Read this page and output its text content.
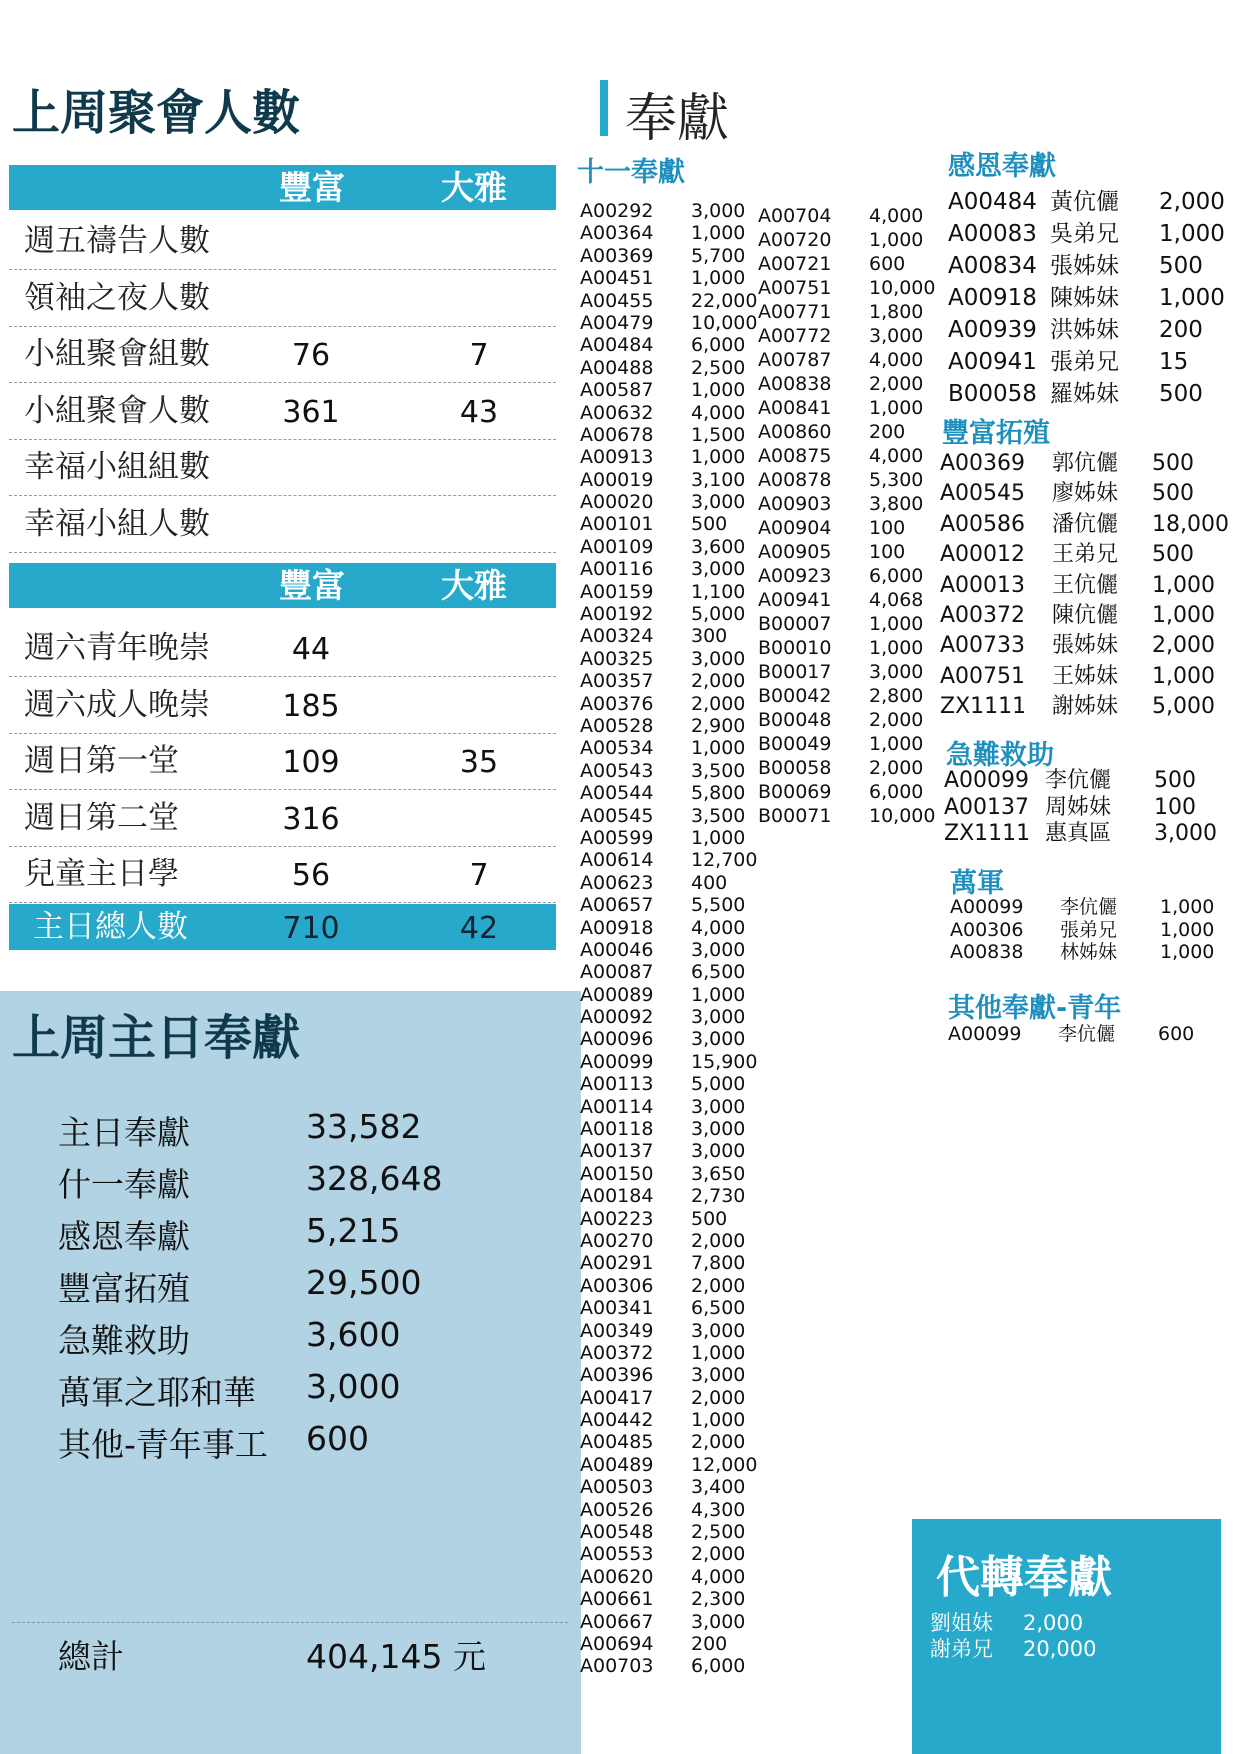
上周聚會人數
豐富	大雅
週五禱告人數
領袖之夜人數
小組聚會組數	76	7
小組聚會人數	361	43
幸福小組組數
幸福小組人數
豐富	大雅
週六青年晚崇	44
週六成人晚崇	185
週日第一堂	109	35
週日第二堂	316
兒童主日學	56	7
主日總人數	710	42
上周主日奉獻
主日奉獻	33,582
什一奉獻	328,648
感恩奉獻	5,215
豐富拓殖	29,500
急難救助	3,600
萬軍之耶和華 3,000
其他-青年事工 600
總計	404,145 元
奉獻
十一奉獻
A00292 3,000
A00364 1,000
A00369 5,700
A00451 1,000
A00455 22,000
A00479 10,000
A00484 6,000
A00488 2,500
A00587 1,000
A00632 4,000
A00678 1,500
A00913 1,000
A00019 3,100
A00020 3,000
A00101 500
A00109 3,600
A00116 3,000
A00159 1,100
A00192 5,000
A00324 300
A00325 3,000
A00357 2,000
A00376 2,000
A00528 2,900
A00534 1,000
A00543 3,500
A00544 5,800
A00545 3,500
A00599 1,000
A00614 12,700
A00623 400
A00657 5,500
A00918 4,000
A00046 3,000
A00087 6,500
A00089 1,000
A00092 3,000
A00096 3,000
A00099 15,900
A00113 5,000
A00114 3,000
A00118 3,000
A00137 3,000
A00150 3,650
A00184 2,730
A00223 500
A00270 2,000
A00291 7,800
A00306 2,000
A00341 6,500
A00349 3,000
A00372 1,000
A00396 3,000
A00417 2,000
A00442 1,000
A00485 2,000
A00489 12,000
A00503 3,400
A00526 4,300
A00548 2,500
A00553 2,000
A00620 4,000
A00661 2,300
A00667 3,000
A00694 200
A00703 6,000
A00704 4,000
A00720 1,000
A00721 600
A00751 10,000
A00771 1,800
A00772 3,000
A00787 4,000
A00838 2,000
A00841 1,000
A00860 200
A00875 4,000
A00878 5,300
A00903 3,800
A00904 100
A00905 100
A00923 6,000
A00941 4,068
B00007 1,000
B00010 1,000
B00017 3,000
B00042 2,800
B00048 2,000
B00049 1,000
B00058 2,000
B00069 6,000
B00071 10,000
感恩奉獻
A00484 黃伉儷 2,000
A00083 吳弟兄 1,000
A00834 張姊妹 500
A00918 陳姊妹 1,000
A00939 洪姊妹 200
A00941 張弟兄 15
B00058 羅姊妹 500
豐富拓殖
A00369 郭伉儷 500
A00545 廖姊妹 500
A00586 潘伉儷 18,000
A00012 王弟兄 500
A00013 王伉儷 1,000
A00372 陳伉儷 1,000
A00733 張姊妹 2,000
A00751 王姊妹 1,000
ZX1111 謝姊妹 5,000
急難救助
A00099 李伉儷 500
A00137 周姊妹 100
ZX1111 惠真區 3,000
萬軍
A00099 李伉儷 1,000
A00306 張弟兄 1,000
A00838 林姊妹 1,000
其他奉獻-青年
A00099 李伉儷 600
代轉奉獻
劉姐妹 2,000
謝弟兄 20,000
